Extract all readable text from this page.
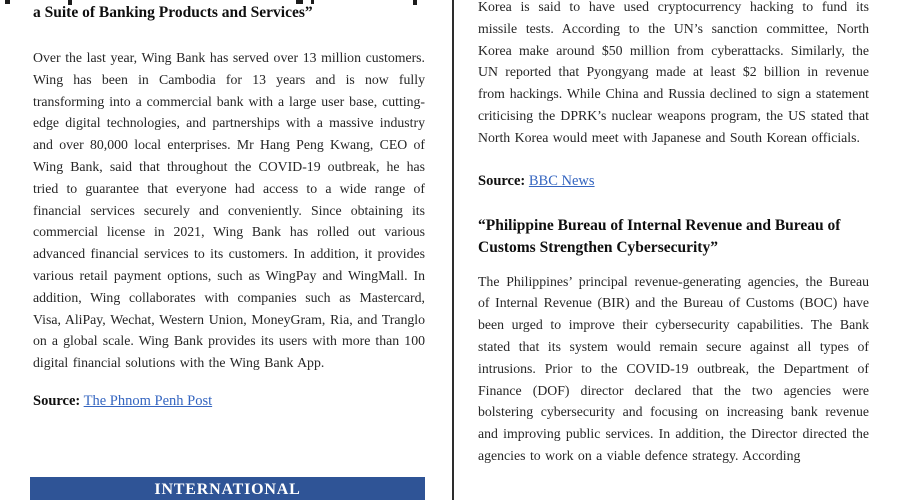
a Suite of Banking Products and Services”

Over the last year, Wing Bank has served over 13 million customers. Wing has been in Cambodia for 13 years and is now fully transforming into a commercial bank with a large user base, cutting-edge digital technologies, and partnerships with a massive industry and over 80,000 local enterprises. Mr Hang Peng Kwang, CEO of Wing Bank, said that throughout the COVID-19 outbreak, he has tried to guarantee that everyone had access to a wide range of financial services securely and conveniently. Since obtaining its commercial license in 2021, Wing Bank has rolled out various advanced financial services to its customers. In addition, it provides various retail payment options, such as WingPay and WingMall. In addition, Wing collaborates with companies such as Mastercard, Visa, AliPay, Wechat, Western Union, MoneyGram, Ria, and Tranglo on a global scale. Wing Bank provides its users with more than 100 digital financial solutions with the Wing Bank App.

Source: The Phnom Penh Post

INTERNATIONAL

Korea is said to have used cryptocurrency hacking to fund its missile tests. According to the UN’s sanction committee, North Korea make around $50 million from cyberattacks. Similarly, the UN reported that Pyongyang made at least $2 billion in revenue from hackings. While China and Russia declined to sign a statement criticising the DPRK’s nuclear weapons program, the US stated that North Korea would meet with Japanese and South Korean officials.

Source: BBC News

“Philippine Bureau of Internal Revenue and Bureau of Customs Strengthen Cybersecurity”

The Philippines’ principal revenue-generating agencies, the Bureau of Internal Revenue (BIR) and the Bureau of Customs (BOC) have been urged to improve their cybersecurity capabilities. The Bank stated that its system would remain secure against all types of intrusions. Prior to the COVID-19 outbreak, the Department of Finance (DOF) director declared that the two agencies were bolstering cybersecurity and focusing on increasing bank revenue and improving public services. In addition, the Director directed the agencies to work on a viable defence strategy. According
